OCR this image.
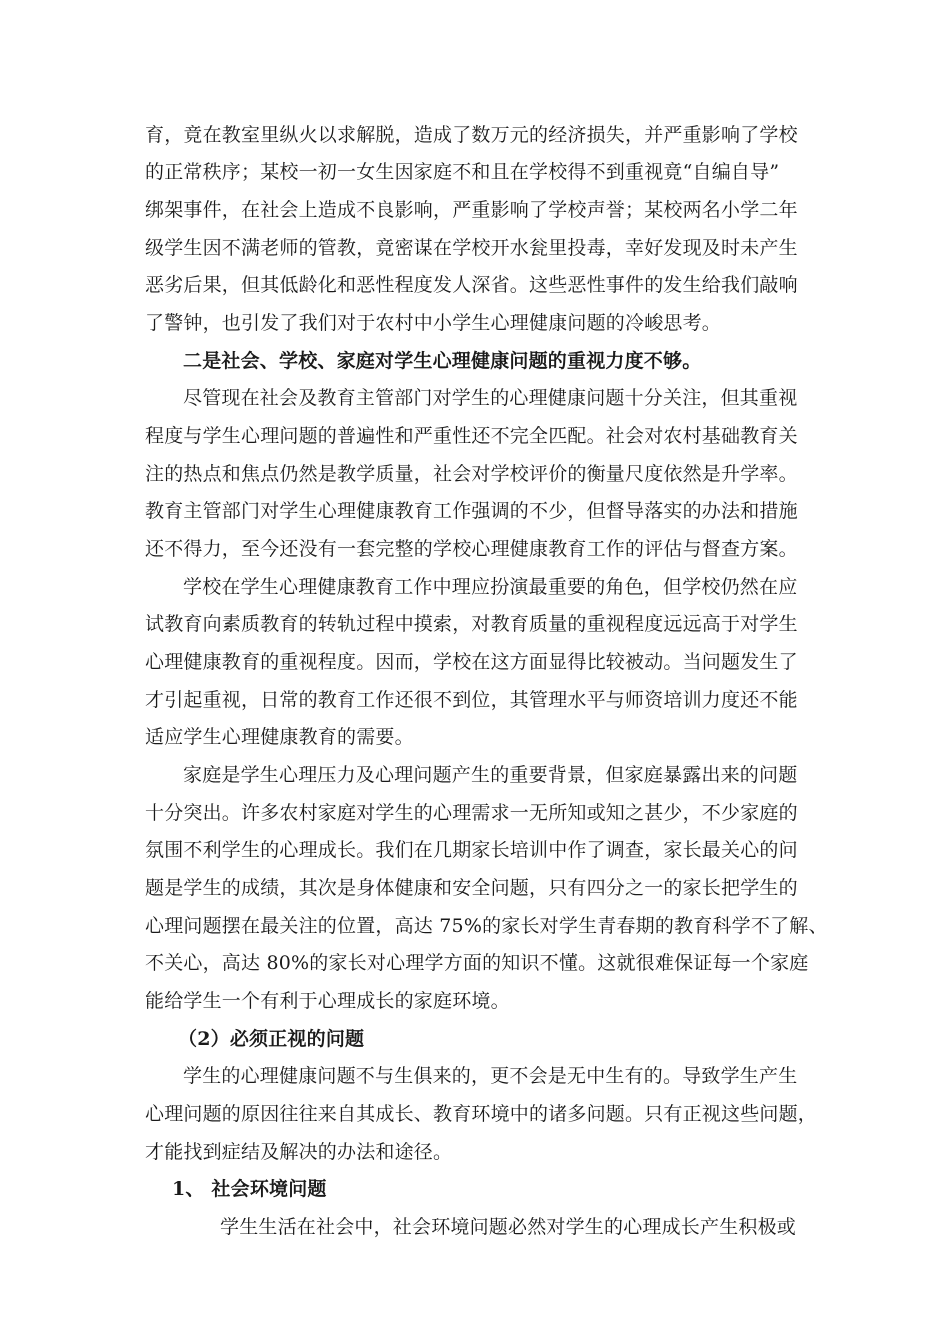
育，竟在教室里纵火以求解脱，造成了数万元的经济损失，并严重影响了学校
的正常秩序；某校一初一女生因家庭不和且在学校得不到重视竟“自编自导”
绑架事件，在社会上造成不良影响，严重影响了学校声誉；某校两名小学二年
级学生因不满老师的管教，竟密谋在学校开水瓮里投毒，幸好发现及时未产生
恶劣后果，但其低龄化和恶性程度发人深省。这些恶性事件的发生给我们敲响
了警钟，也引发了我们对于农村中小学生心理健康问题的冷峻思考。
二是社会、学校、家庭对学生心理健康问题的重视力度不够。
尽管现在社会及教育主管部门对学生的心理健康问题十分关注，但其重视
程度与学生心理问题的普遍性和严重性还不完全匹配。社会对农村基础教育关
注的热点和焦点仍然是教学质量，社会对学校评价的衡量尺度依然是升学率。
教育主管部门对学生心理健康教育工作强调的不少，但督导落实的办法和措施
还不得力，至今还没有一套完整的学校心理健康教育工作的评估与督查方案。
学校在学生心理健康教育工作中理应扮演最重要的角色，但学校仍然在应
试教育向素质教育的转轨过程中摸索，对教育质量的重视程度远远高于对学生
心理健康教育的重视程度。因而，学校在这方面显得比较被动。当问题发生了
才引起重视，日常的教育工作还很不到位，其管理水平与师资培训力度还不能
适应学生心理健康教育的需要。
家庭是学生心理压力及心理问题产生的重要背景，但家庭暴露出来的问题
十分突出。许多农村家庭对学生的心理需求一无所知或知之甚少，不少家庭的
氛围不利学生的心理成长。我们在几期家长培训中作了调查，家长最关心的问
题是学生的成绩，其次是身体健康和安全问题，只有四分之一的家长把学生的
心理问题摆在最关注的位置，高达 75%的家长对学生青春期的教育科学不了解、
不关心，高达 80%的家长对心理学方面的知识不懂。这就很难保证每一个家庭
能给学生一个有利于心理成长的家庭环境。
（2）必须正视的问题
学生的心理健康问题不与生俱来的，更不会是无中生有的。导致学生产生
心理问题的原因往往来自其成长、教育环境中的诸多问题。只有正视这些问题，
才能找到症结及解决的办法和途径。
1、 社会环境问题
学生生活在社会中，社会环境问题必然对学生的心理成长产生积极或
